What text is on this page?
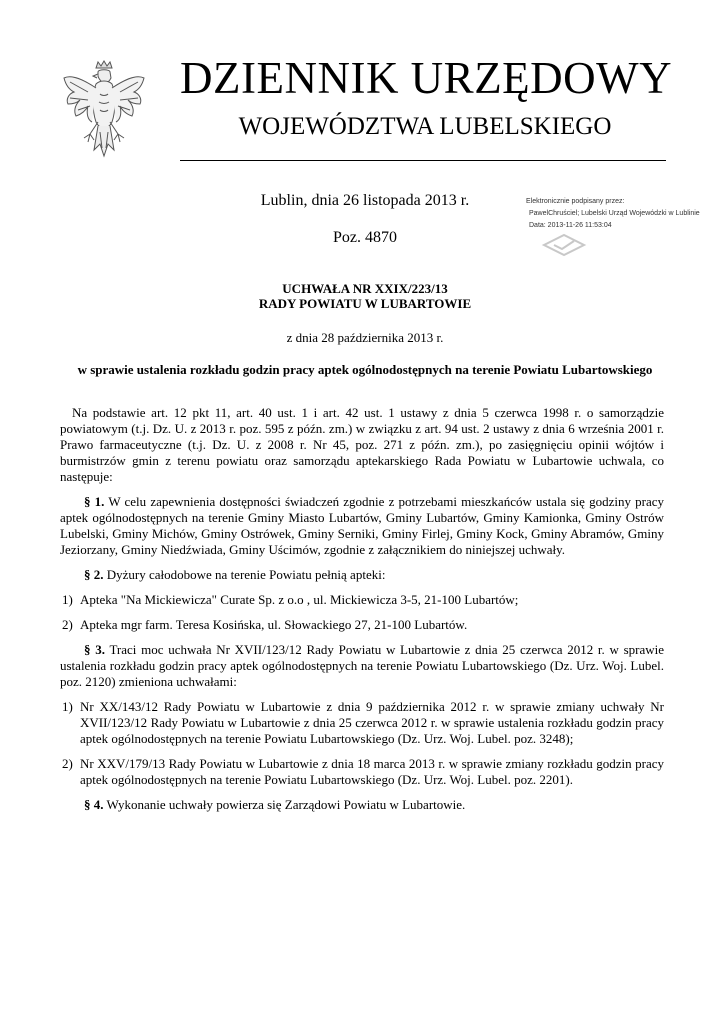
DZIENNIK URZĘDOWY
WOJEWÓDZTWA LUBELSKIEGO
Lublin, dnia 26 listopada 2013 r.
Poz. 4870
Elektronicznie podpisany przez:
PawelChruściel; Lubelski Urząd Wojewódzki w Lublinie
Data: 2013-11-26 11:53:04
UCHWAŁA NR XXIX/223/13
RADY POWIATU W LUBARTOWIE
z dnia 28 października 2013 r.
w sprawie ustalenia rozkładu godzin pracy aptek ogólnodostępnych na terenie Powiatu Lubartowskiego

Na podstawie art. 12 pkt 11, art. 40 ust. 1 i art. 42 ust. 1 ustawy z dnia 5 czerwca 1998 r. o samorządzie powiatowym (t.j. Dz. U. z 2013 r. poz. 595 z późn. zm.) w związku z art. 94 ust. 2 ustawy z dnia 6 września 2001 r. Prawo farmaceutyczne (t.j. Dz. U. z 2008 r. Nr 45, poz. 271 z późn. zm.), po zasięgnięciu opinii wójtów i burmistrzów gmin z terenu powiatu oraz samorządu aptekarskiego Rada Powiatu w Lubartowie uchwala, co następuje:

§ 1. W celu zapewnienia dostępności świadczeń zgodnie z potrzebami mieszkańców ustala się godziny pracy aptek ogólnodostępnych na terenie Gminy Miasto Lubartów, Gminy Lubartów, Gminy Kamionka, Gminy Ostrów Lubelski, Gminy Michów, Gminy Ostrówek, Gminy Serniki, Gminy Firlej, Gminy Kock, Gminy Abramów, Gminy Jeziorzany, Gminy Niedźwiada, Gminy Uścimów, zgodnie z załącznikiem do niniejszej uchwały.

§ 2. Dyżury całodobowe na terenie Powiatu pełnią apteki:

1) Apteka "Na Mickiewicza" Curate Sp. z o.o , ul. Mickiewicza 3-5, 21-100 Lubartów;
2) Apteka mgr farm. Teresa Kosińska, ul. Słowackiego 27, 21-100 Lubartów.

§ 3. Traci moc uchwała Nr XVII/123/12 Rady Powiatu w Lubartowie z dnia 25 czerwca 2012 r. w sprawie ustalenia rozkładu godzin pracy aptek ogólnodostępnych na terenie Powiatu Lubartowskiego (Dz. Urz. Woj. Lubel. poz. 2120) zmieniona uchwałami:

1) Nr XX/143/12 Rady Powiatu w Lubartowie z dnia 9 października 2012 r. w sprawie zmiany uchwały Nr XVII/123/12 Rady Powiatu w Lubartowie z dnia 25 czerwca 2012 r. w sprawie ustalenia rozkładu godzin pracy aptek ogólnodostępnych na terenie Powiatu Lubartowskiego (Dz. Urz. Woj. Lubel. poz. 3248);
2) Nr XXV/179/13 Rady Powiatu w Lubartowie z dnia 18 marca 2013 r. w sprawie zmiany rozkładu godzin pracy aptek ogólnodostępnych na terenie Powiatu Lubartowskiego (Dz. Urz. Woj. Lubel. poz. 2201).

§ 4. Wykonanie uchwały powierza się Zarządowi Powiatu w Lubartowie.
